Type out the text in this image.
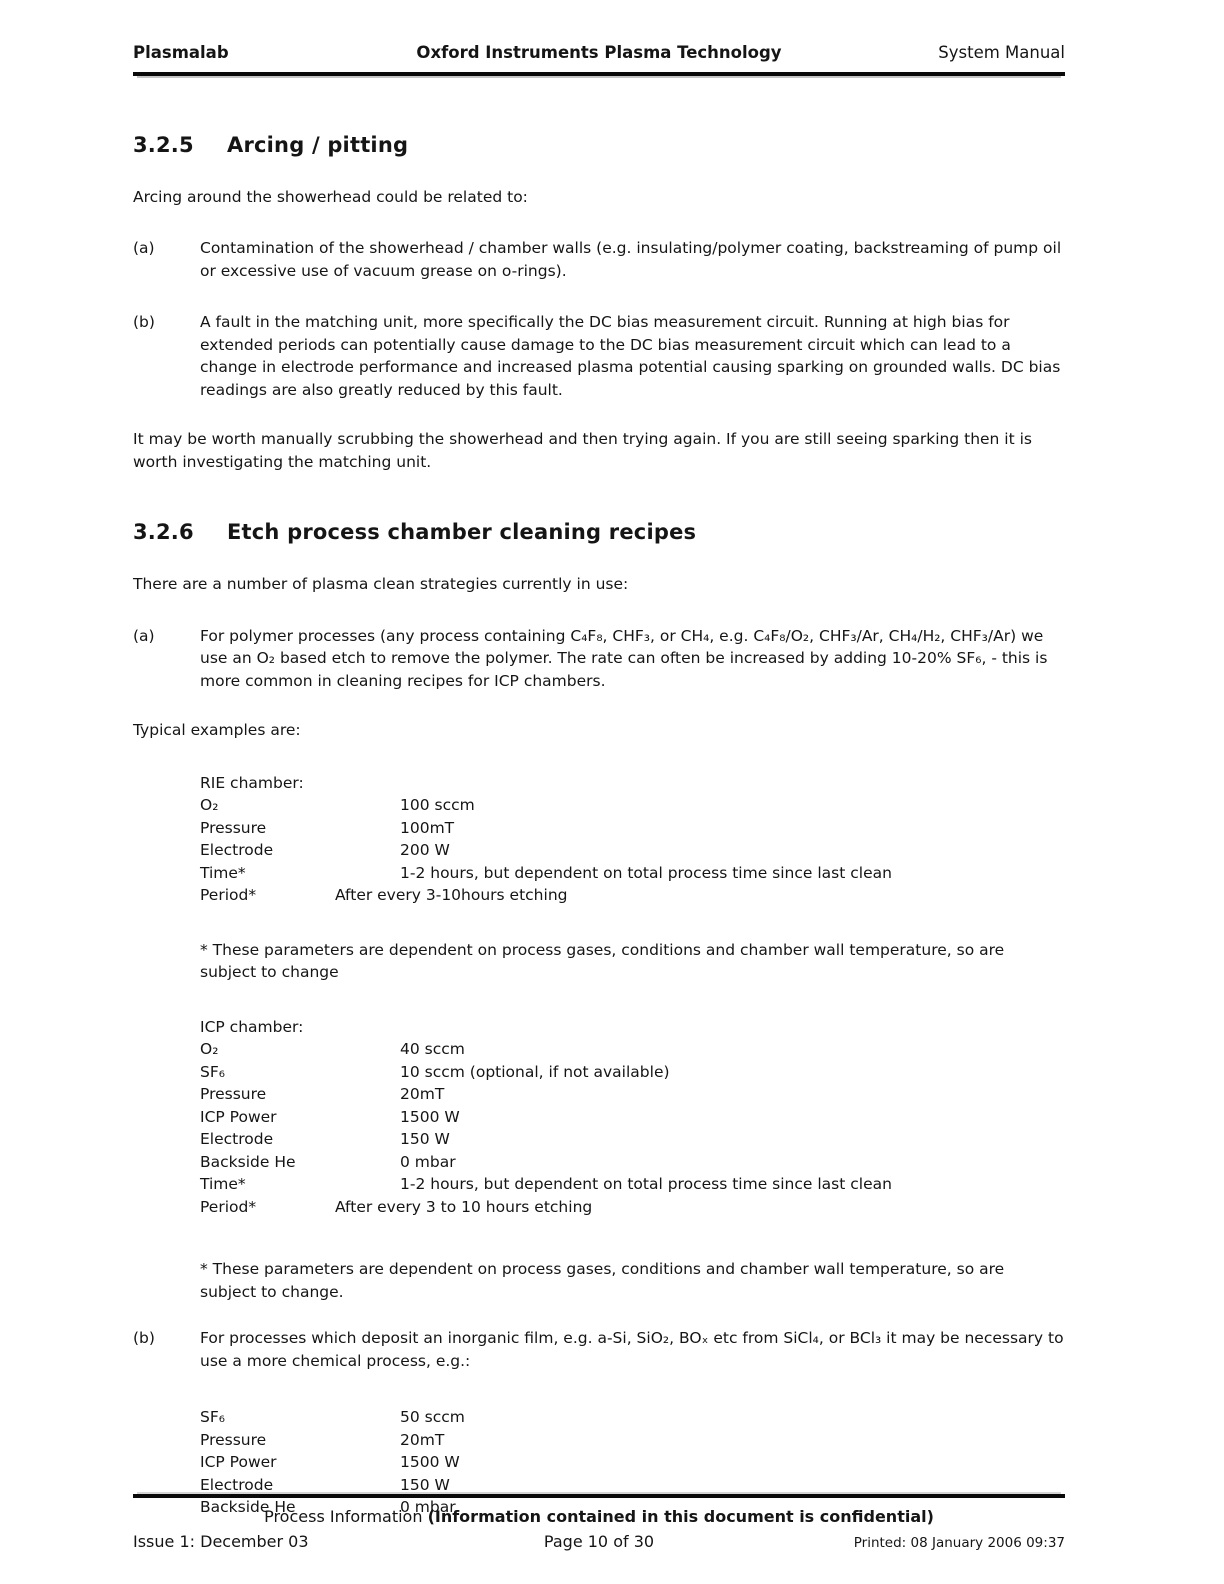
Plasmalab	Oxford Instruments Plasma Technology	System Manual
3.2.5 Arcing / pitting

Arcing around the showerhead could be related to:

(a)	Contamination of the showerhead / chamber walls (e.g. insulating/polymer coating, backstreaming of pump oil or excessive use of vacuum grease on o-rings).
(b)	A fault in the matching unit, more specifically the DC bias measurement circuit. Running at high bias for extended periods can potentially cause damage to the DC bias measurement circuit which can lead to a change in electrode performance and increased plasma potential causing sparking on grounded walls. DC bias readings are also greatly reduced by this fault.

It may be worth manually scrubbing the showerhead and then trying again. If you are still seeing sparking then it is worth investigating the matching unit.

3.2.6 Etch process chamber cleaning recipes

There are a number of plasma clean strategies currently in use:

(a)	For polymer processes (any process containing C₄F₈, CHF₃, or CH₄, e.g. C₄F₈/O₂, CHF₃/Ar, CH₄/H₂, CHF₃/Ar) we use an O₂ based etch to remove the polymer. The rate can often be increased by adding 10-20% SF₆, - this is more common in cleaning recipes for ICP chambers.

Typical examples are:

RIE chamber:
O₂	100 sccm
Pressure	100mT
Electrode	200 W
Time*	1-2 hours, but dependent on total process time since last clean
Period*	After every 3-10hours etching

* These parameters are dependent on process gases, conditions and chamber wall temperature, so are subject to change

ICP chamber:
O₂	40 sccm
SF₆	10 sccm (optional, if not available)
Pressure	20mT
ICP Power	1500 W
Electrode	150 W
Backside He	0 mbar
Time*	1-2 hours, but dependent on total process time since last clean
Period*	After every 3 to 10 hours etching

* These parameters are dependent on process gases, conditions and chamber wall temperature, so are subject to change.

(b)	For processes which deposit an inorganic film, e.g. a-Si, SiO₂, BOₓ etc from SiCl₄, or BCl₃ it may be necessary to use a more chemical process, e.g.:
SF₆	50 sccm
Pressure	20mT
ICP Power	1500 W
Electrode	150 W
Backside He	0 mbar
Process Information (Information contained in this document is confidential)
Issue 1: December 03	Page 10 of 30	Printed: 08 January 2006 09:37
